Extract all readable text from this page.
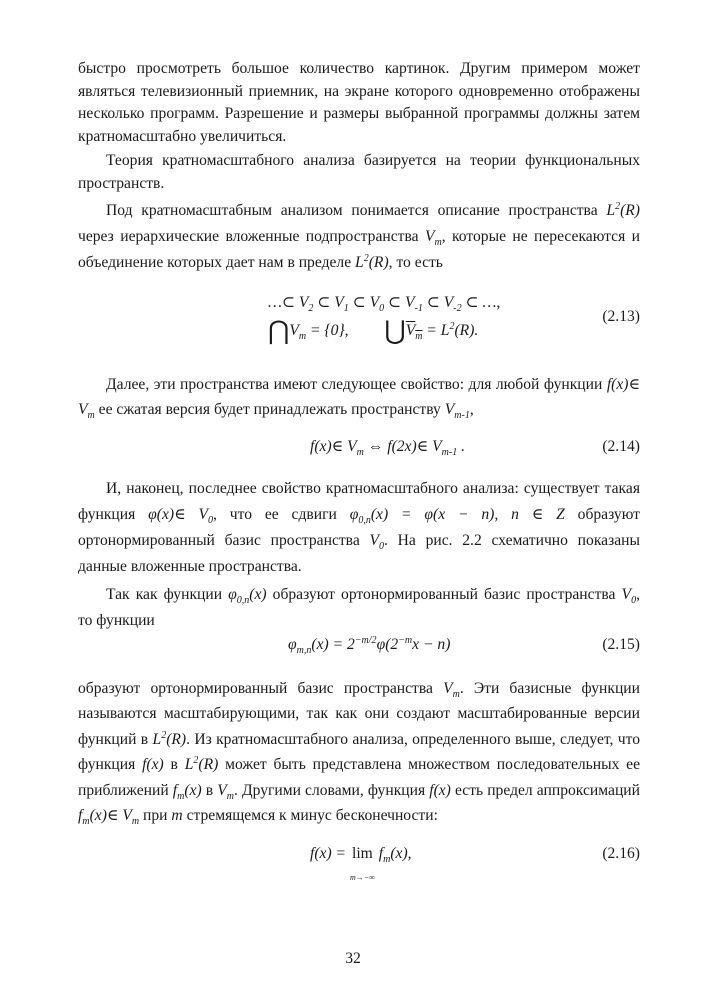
быстро просмотреть большое количество картинок. Другим примером может являться телевизионный приемник, на экране которого одновременно отображены несколько программ. Разрешение и размеры выбранной программы должны затем кратномасштабно увеличиться.

Теория кратномасштабного анализа базируется на теории функциональных пространств.

Под кратномасштабным анализом понимается описание пространства $L^2(R)$ через иерархические вложенные подпространства $V_m$, которые не пересекаются и объединение которых дает нам в пределе $L^2(R)$, то есть

…⊂ $V_2$ ⊂ $V_1$ ⊂ $V_0$ ⊂ $V_{-1}$ ⊂ $V_{-2}$ ⊂ …,
$⋂V_m = \{0\}$,  $⋃V_m = L^2(R)$.
(2.13)

Далее, эти пространства имеют следующее свойство: для любой функции f(x)∈ $V_m$ ее сжатая версия будет принадлежать пространству $V_{m-1}$,

f(x)∈ $V_m$ ⇔ f(2x)∈ $V_{m-1}$ .	(2.14)

И, наконец, последнее свойство кратномасштабного анализа: существует такая функция φ(x)∈ $V_0$, что ее сдвиги $\varphi_{0,n}(x) = \varphi(x - n)$, n ∈ Z образуют ортонормированный базис пространства $V_0$. На рис. 2.2 схематично показаны данные вложенные пространства.

Так как функции $\varphi_{0,n}(x)$ образуют ортонормированный базис пространства $V_0$, то функции

$\varphi_{m,n}(x) = 2^{-m/2}\varphi(2^{-m}x - n)$	(2.15)

образуют ортонормированный базис пространства $V_m$. Эти базисные функции называются масштабирующими, так как они создают масштабированные версии функций в $L^2(R)$. Из кратномасштабного анализа, определенного выше, следует, что функция f(x) в $L^2(R)$ может быть представлена множеством последовательных ее приближений $f_m(x)$ в $V_m$. Другими словами, функция f(x) есть предел аппроксимаций $f_m(x)\in$ $V_m$ при m стремящемся к минус бесконечности:

f(x) = lim
m→−∞ $f_m(x)$,	(2.16)
32
